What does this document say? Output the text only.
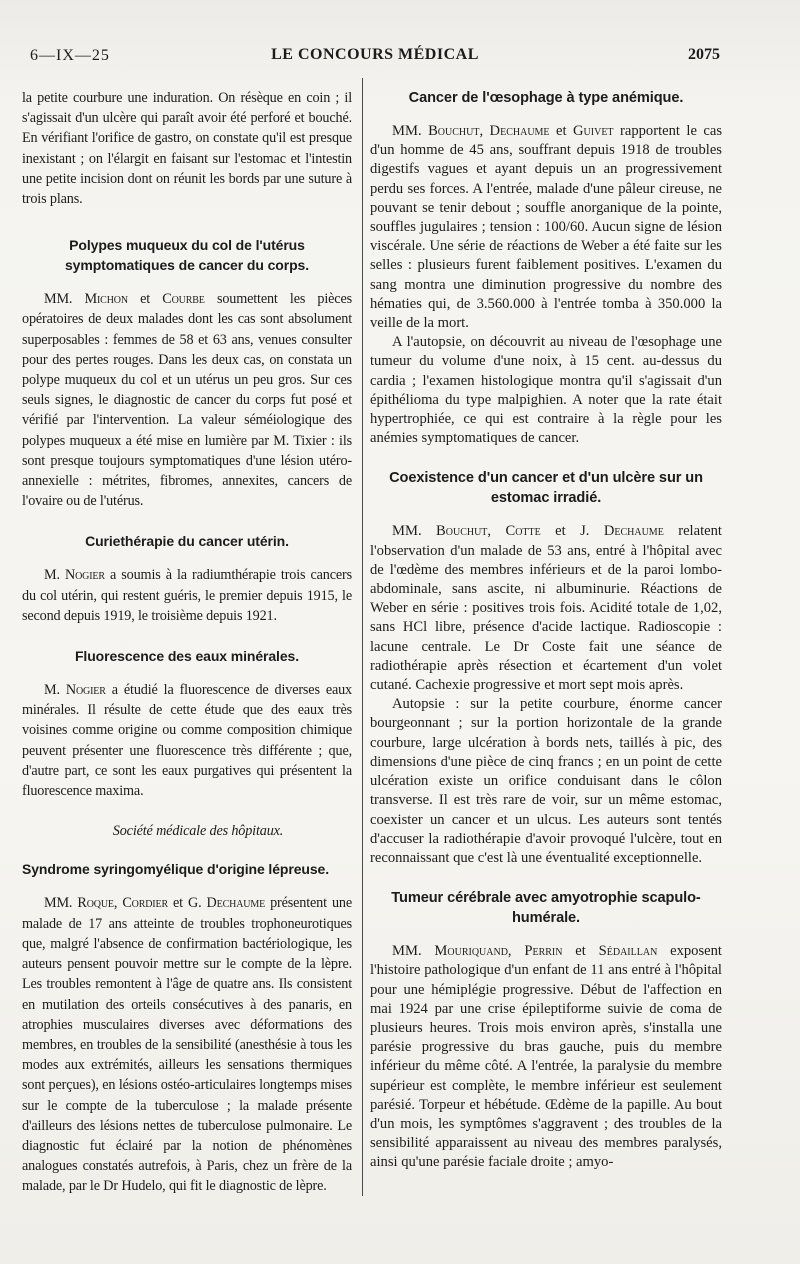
6—IX—25	LE CONCOURS MÉDICAL	2075

la petite courbure une induration. On résèque en coin ; il s'agissait d'un ulcère qui paraît avoir été perforé et bouché. En vérifiant l'orifice de gastro, on constate qu'il est presque inexistant ; on l'élargit en faisant sur l'estomac et l'intestin une petite incision dont on réunit les bords par une suture à trois plans.

Polypes muqueux du col de l'utérus symptomatiques de cancer du corps.

MM. Michon et Courbe soumettent les pièces opératoires de deux malades dont les cas sont absolument superposables : femmes de 58 et 63 ans, venues consulter pour des pertes rouges. Dans les deux cas, on constata un polype muqueux du col et un utérus un peu gros. Sur ces seuls signes, le diagnostic de cancer du corps fut posé et vérifié par l'intervention. La valeur séméiologique des polypes muqueux a été mise en lumière par M. Tixier : ils sont presque toujours symptomatiques d'une lésion utéro-annexielle : métrites, fibromes, annexites, cancers de l'ovaire ou de l'utérus.

Curiethérapie du cancer utérin.

M. Nogier a soumis à la radiumthérapie trois cancers du col utérin, qui restent guéris, le premier depuis 1915, le second depuis 1919, le troisième depuis 1921.

Fluorescence des eaux minérales.

M. Nogier a étudié la fluorescence de diverses eaux minérales. Il résulte de cette étude que des eaux très voisines comme origine ou comme composition chimique peuvent présenter une fluorescence très différente ; que, d'autre part, ce sont les eaux purgatives qui présentent la fluorescence maxima.

Société médicale des hôpitaux.

Syndrome syringomyélique d'origine lépreuse.

MM. Roque, Cordier et G. Dechaume présentent une malade de 17 ans atteinte de troubles trophoneurotiques que, malgré l'absence de confirmation bactériologique, les auteurs pensent pouvoir mettre sur le compte de la lèpre. Les troubles remontent à l'âge de quatre ans. Ils consistent en mutilation des orteils consécutives à des panaris, en atrophies musculaires diverses avec déformations des membres, en troubles de la sensibilité (anesthésie à tous les modes aux extrémités, ailleurs les sensations thermiques sont perçues), en lésions ostéo-articulaires longtemps mises sur le compte de la tuberculose ; la malade présente d'ailleurs des lésions nettes de tuberculose pulmonaire. Le diagnostic fut éclairé par la notion de phénomènes analogues constatés autrefois, à Paris, chez un frère de la malade, par le Dr Hudelo, qui fit le diagnostic de lèpre.

Cancer de l'œsophage à type anémique.

MM. Bouchut, Dechaume et Guivet rapportent le cas d'un homme de 45 ans, souffrant depuis 1918 de troubles digestifs vagues et ayant depuis un an progressivement perdu ses forces. A l'entrée, malade d'une pâleur cireuse, ne pouvant se tenir debout ; souffle anorganique de la pointe, souffles jugulaires ; tension : 100/60. Aucun signe de lésion viscérale. Une série de réactions de Weber a été faite sur les selles : plusieurs furent faiblement positives. L'examen du sang montra une diminution progressive du nombre des hématies qui, de 3.560.000 à l'entrée tomba à 350.000 la veille de la mort.

A l'autopsie, on découvrit au niveau de l'œsophage une tumeur du volume d'une noix, à 15 cent. au-dessus du cardia ; l'examen histologique montra qu'il s'agissait d'un épithélioma du type malpighien. A noter que la rate était hypertrophiée, ce qui est contraire à la règle pour les anémies symptomatiques de cancer.

Coexistence d'un cancer et d'un ulcère sur un estomac irradié.

MM. Bouchut, Cotte et J. Dechaume relatent l'observation d'un malade de 53 ans, entré à l'hôpital avec de l'œdème des membres inférieurs et de la paroi lombo-abdominale, sans ascite, ni albuminurie. Réactions de Weber en série : positives trois fois. Acidité totale de 1,02, sans HCl libre, présence d'acide lactique. Radioscopie : lacune centrale. Le Dr Coste fait une séance de radiothérapie après résection et écartement d'un volet cutané. Cachexie progressive et mort sept mois après.

Autopsie : sur la petite courbure, énorme cancer bourgeonnant ; sur la portion horizontale de la grande courbure, large ulcération à bords nets, taillés à pic, des dimensions d'une pièce de cinq francs ; en un point de cette ulcération existe un orifice conduisant dans le côlon transverse. Il est très rare de voir, sur un même estomac, coexister un cancer et un ulcus. Les auteurs sont tentés d'accuser la radiothérapie d'avoir provoqué l'ulcère, tout en reconnaissant que c'est là une éventualité exceptionnelle.

Tumeur cérébrale avec amyotrophie scapulo-humérale.

MM. Mouriquand, Perrin et Sédaillan exposent l'histoire pathologique d'un enfant de 11 ans entré à l'hôpital pour une hémiplégie progressive. Début de l'affection en mai 1924 par une crise épileptiforme suivie de coma de plusieurs heures. Trois mois environ après, s'installa une parésie progressive du bras gauche, puis du membre inférieur du même côté. A l'entrée, la paralysie du membre supérieur est complète, le membre inférieur est seulement parésié. Torpeur et hébétude. Œdème de la papille. Au bout d'un mois, les symptômes s'aggravent ; des troubles de la sensibilité apparaissent au niveau des membres paralysés, ainsi qu'une parésie faciale droite ; amyo-
